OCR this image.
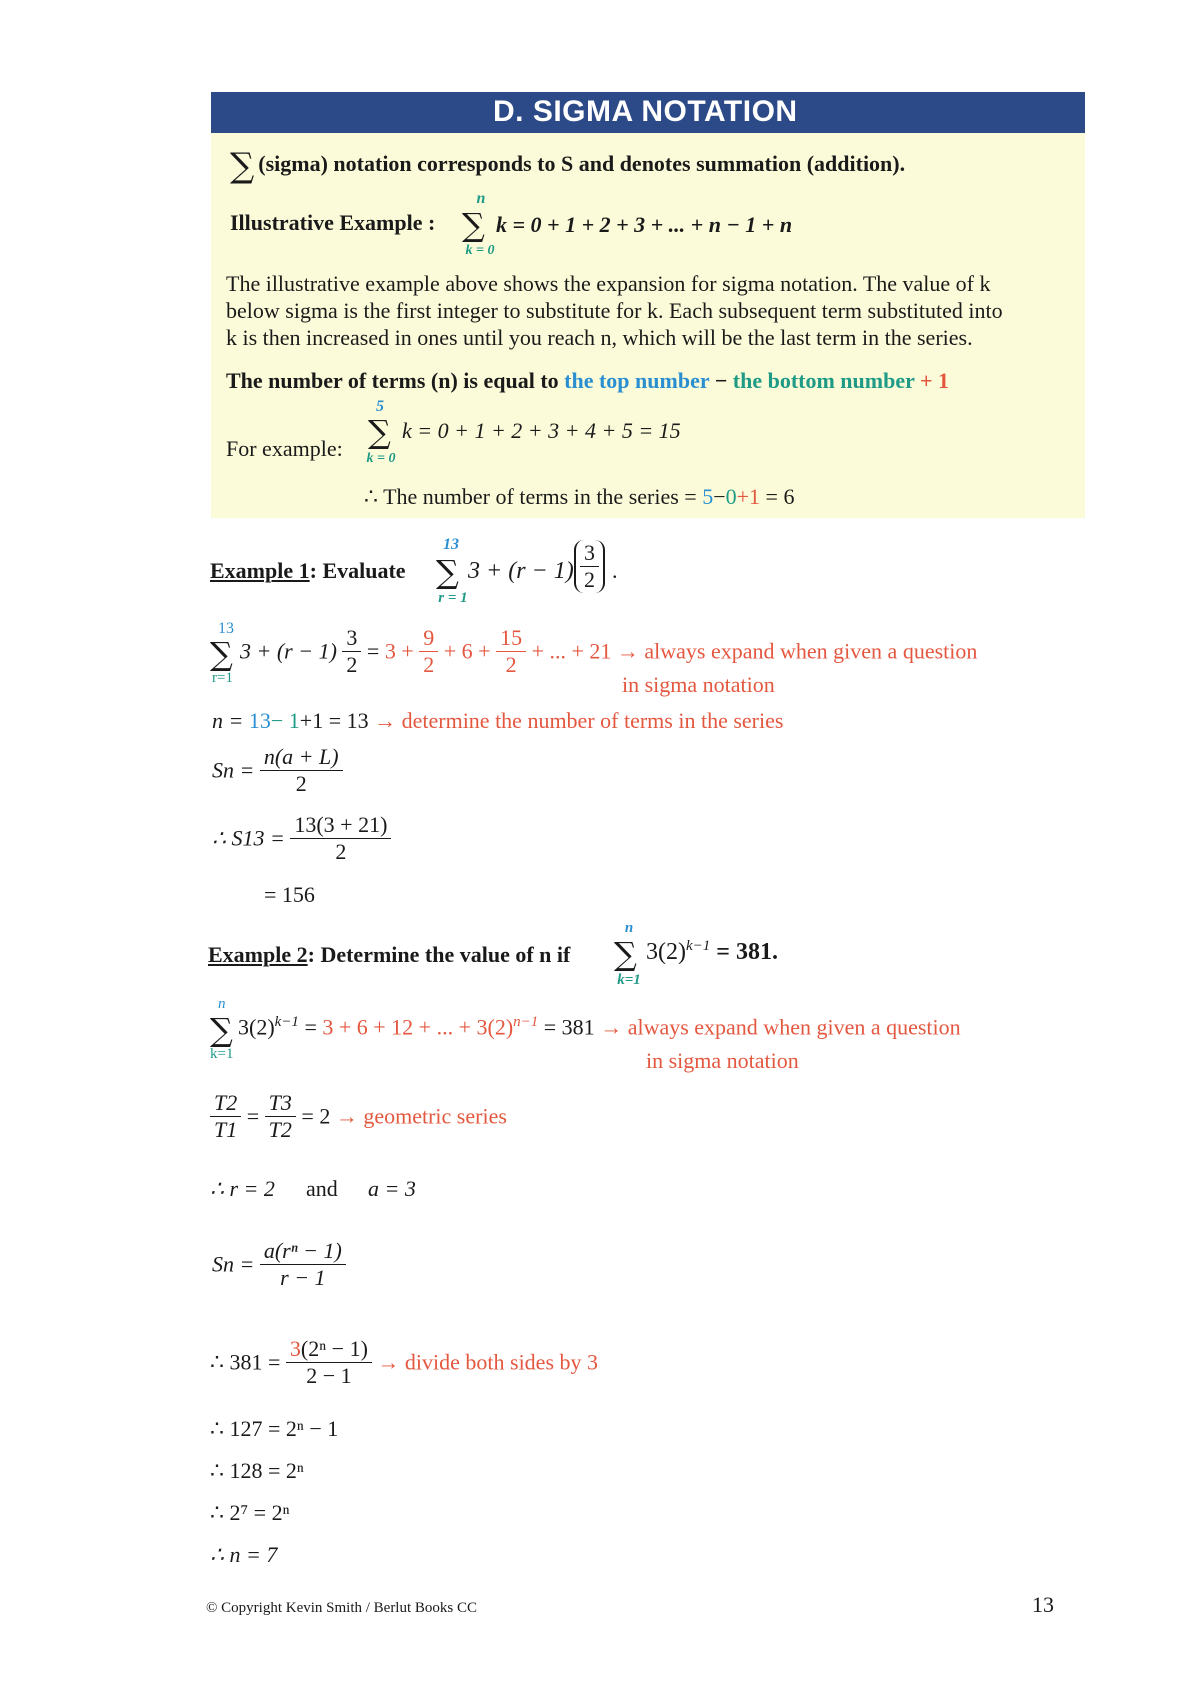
D. SIGMA NOTATION
∑ (sigma) notation corresponds to S and denotes summation (addition).
Illustrative Example :
n
∑
k = 0
k = 0 + 1 + 2 + 3 + ... + n − 1 + n
The illustrative example above shows the expansion for sigma notation. The value of k
below sigma is the first integer to substitute for k. Each subsequent term substituted into
k is then increased in ones until you reach n, which will be the last term in the series.
The number of terms (n) is equal to the top number − the bottom number + 1
For example:
5
∑
k = 0
k = 0 + 1 + 2 + 3 + 4 + 5 = 15
∴ The number of terms in the series = 5−0+1 = 6
Example 1: Evaluate
13
∑
r = 1
$3 + (r - 1) \frac{3}{2}$ .
13
∑
r=1
$3 + (r - 1) \frac{3}{2} = 3 + \frac{9}{2} + 6 + \frac{15}{2}$ + ... + 21 → always expand when given a question
in sigma notation
n = 13− 1+1 = 13 → determine the number of terms in the series
$Sn = \frac{n(a + L)}{2}$
∴ $S13 = \frac{13(3 + 21)}{2}$
= 156
Example 2: Determine the value of n if
n
∑
k=1
$3(2)^{k-1} = 381$.
n
∑
k=1
$3(2)^{k-1} = 3 + 6 + 12$ + ... + $3(2)^{n-1} = 381$ → always expand when given a question
in sigma notation
$\frac{T2}{T1} = \frac{T3}{T2} = 2$ → geometric series
∴ r = 2 and a = 3
$Sn = \frac{\text{a(rⁿ − 1)}}{r - 1}$
∴ $381 = \frac{\text{3(2ⁿ − 1)}}{2 - 1}$ → divide both sides by 3
∴ 127 = 2ⁿ − 1
∴ 128 = 2ⁿ
∴ 2⁷ = 2ⁿ
∴ n = 7
© Copyright Kevin Smith / Berlut Books CC	13
